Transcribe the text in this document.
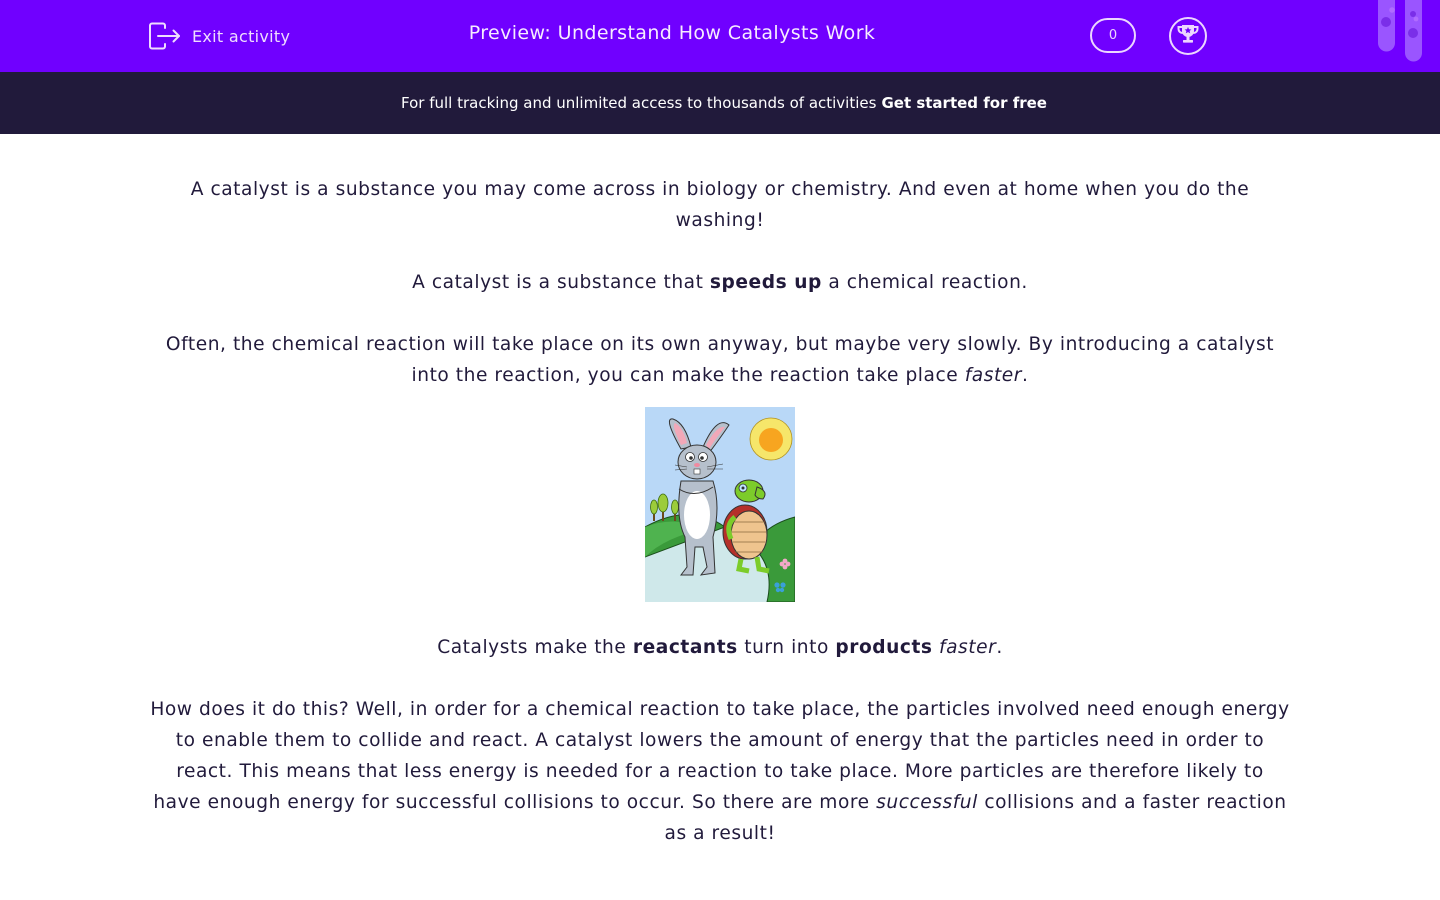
Exit activity	Preview: Understand How Catalysts Work	0
For full tracking and unlimited access to thousands of activities Get started for free

A catalyst is a substance you may come across in biology or chemistry. And even at home when you do the washing!

A catalyst is a substance that speeds up a chemical reaction.

Often, the chemical reaction will take place on its own anyway, but maybe very slowly. By introducing a catalyst into the reaction, you can make the reaction take place faster.

Catalysts make the reactants turn into products faster.

How does it do this? Well, in order for a chemical reaction to take place, the particles involved need enough energy to enable them to collide and react. A catalyst lowers the amount of energy that the particles need in order to react. This means that less energy is needed for a reaction to take place. More particles are therefore likely to have enough energy for successful collisions to occur. So there are more successful collisions and a faster reaction as a result!
